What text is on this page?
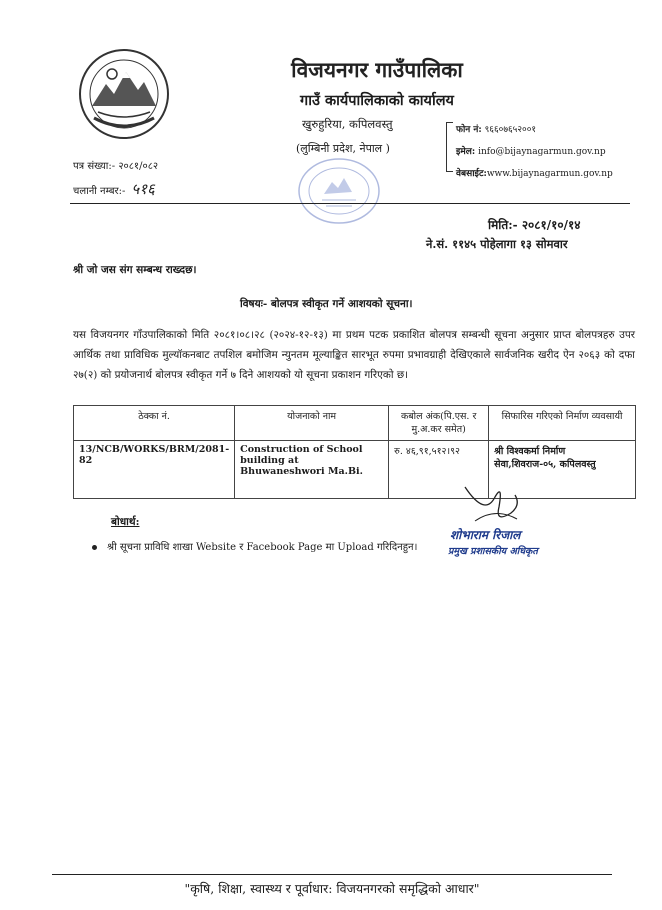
विजयनगर गाउँपालिका
गाउँ कार्यपालिकाको कार्यालय
खुरुहुरिया, कपिलवस्तु
(लुम्बिनी प्रदेश, नेपाल )
फोन नं: ९६६०७६५२००१
इमेल: info@bijaynagarmun.gov.np
वेबसाईट:www.bijaynagarmun.gov.np
पत्र संख्या:- २०८१/०८२
चलानी नम्बर:- ५१६
मिति:- २०८१/१०/१४
ने.सं. ११४५ पोहेलागा १३ सोमवार
श्री जो जस संग सम्बन्ध राख्दछ।
विषयः- बोलपत्र स्वीकृत गर्ने आशयको सूचना।
यस विजयनगर गाँउपालिकाको मिति २०८१।०८।२८ (२०२४-१२-१३) मा प्रथम पटक प्रकाशित बोलपत्र सम्बन्धी सूचना अनुसार प्राप्त बोलपत्रहरु उपर आर्थिक तथा प्राविधिक मुल्यॉकनबाट तपशिल बमोजिम न्युनतम मूल्याङ्कित सारभूत रुपमा प्रभावग्राही देखिएकाले सार्वजनिक खरीद ऐन २०६३ को दफा २७(२) को प्रयोजनार्थ बोलपत्र स्वीकृत गर्ने ७ दिने आशयको यो सूचना प्रकाशन गरिएको छ।
ठेक्का नं.	योजनाको नाम	कबोल अंक(पि.एस. र मु.अ.कर समेत)	सिफारिस गरिएको निर्माण व्यवसायी
13/NCB/WORKS/BRM/2081-82	Construction of School building at Bhuwaneshwori Ma.Bi.	रु. ४६,९१,५१२।९२	श्री विश्वकर्मा निर्माण सेवा,शिवराज-०५, कपिलवस्तु
शोभाराम रिजाल
प्रमुख प्रशासकीय अधिकृत
बोधार्थ:
श्री सूचना प्राविधि शाखा Website र Facebook Page मा Upload गरिदिनहुन।
"कृषि, शिक्षा, स्वास्थ्य र पूर्वाधार: विजयनगरको समृद्धिको आधार"
